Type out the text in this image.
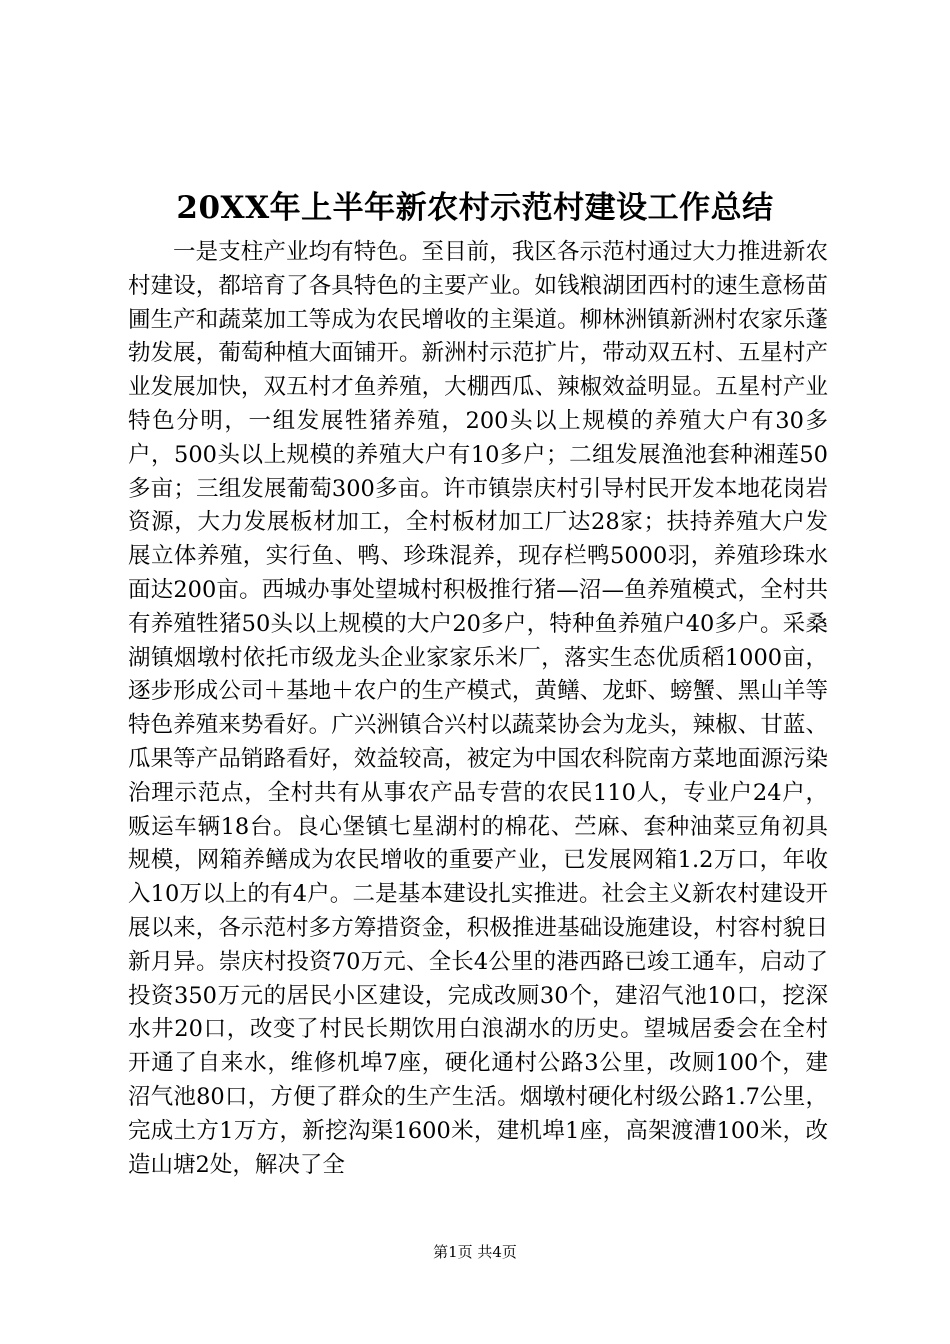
20XX年上半年新农村示范村建设工作总结

一是支柱产业均有特色。至目前，我区各示范村通过大力推进新农村建设，都培育了各具特色的主要产业。如钱粮湖团西村的速生意杨苗圃生产和蔬菜加工等成为农民增收的主渠道。柳林洲镇新洲村农家乐蓬勃发展，葡萄种植大面铺开。新洲村示范扩片，带动双五村、五星村产业发展加快，双五村才鱼养殖，大棚西瓜、辣椒效益明显。五星村产业特色分明，一组发展牲猪养殖，200头以上规模的养殖大户有30多户，500头以上规模的养殖大户有10多户；二组发展渔池套种湘莲50多亩；三组发展葡萄300多亩。许市镇崇庆村引导村民开发本地花岗岩资源，大力发展板材加工，全村板材加工厂达28家；扶持养殖大户发展立体养殖，实行鱼、鸭、珍珠混养，现存栏鸭5000羽，养殖珍珠水面达200亩。西城办事处望城村积极推行猪—沼—鱼养殖模式，全村共有养殖牲猪50头以上规模的大户20多户，特种鱼养殖户40多户。采桑湖镇烟墩村依托市级龙头企业家家乐米厂，落实生态优质稻1000亩，逐步形成公司＋基地＋农户的生产模式，黄鳝、龙虾、螃蟹、黑山羊等特色养殖来势看好。广兴洲镇合兴村以蔬菜协会为龙头，辣椒、甘蓝、瓜果等产品销路看好，效益较高，被定为中国农科院南方菜地面源污染治理示范点，全村共有从事农产品专营的农民110人，专业户24户，贩运车辆18台。良心堡镇七星湖村的棉花、苎麻、套种油菜豆角初具规模，网箱养鳝成为农民增收的重要产业，已发展网箱1.2万口，年收入10万以上的有4户。二是基本建设扎实推进。社会主义新农村建设开展以来，各示范村多方筹措资金，积极推进基础设施建设，村容村貌日新月异。崇庆村投资70万元、全长4公里的港西路已竣工通车，启动了投资350万元的居民小区建设，完成改厕30个，建沼气池10口，挖深水井20口，改变了村民长期饮用白浪湖水的历史。望城居委会在全村开通了自来水，维修机埠7座，硬化通村公路3公里，改厕100个，建沼气池80口，方便了群众的生产生活。烟墩村硬化村级公路1.7公里，完成土方1万方，新挖沟渠1600米，建机埠1座，高架渡漕100米，改造山塘2处，解决了全

第1页 共4页
